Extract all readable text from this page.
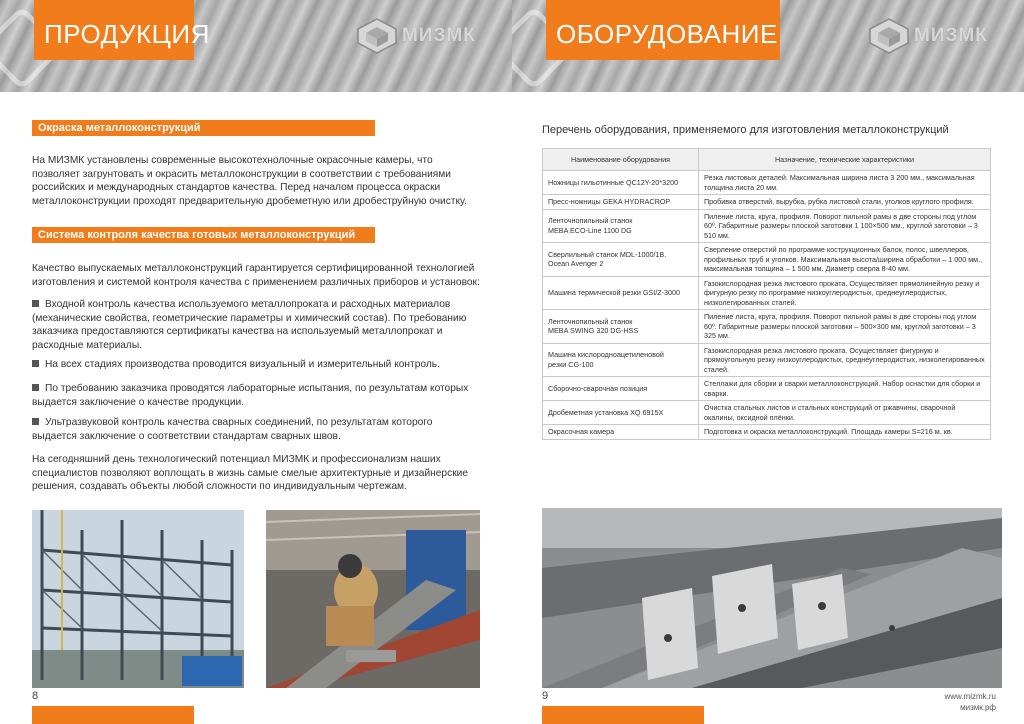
ПРОДУКЦИЯ	МИЗМК
Окраска металлоконструкций
На МИЗМК установлены современные высокотехнолочные окрасочные камеры, что позволяет загрунтовать и окрасить металлоконструкции в соответствии с требованиями российских и международных стандартов качества. Перед началом процесса окраски металлоконструкции проходят предварительную дробеметную или дробеструйную очистку.
Система контроля качества готовых металлоконструкций
Качество выпускаемых металлоконструкций гарантируется сертифицированной технологией изготовления и системой контроля качества с применением различных приборов и установок:
Входной контроль качества используемого металлопроката и расходных материалов (механические свойства, геометрические параметры и химический состав). По требованию заказчика предоставляются сертификаты качества на используемый металлопрокат и расходные материалы.
На всех стадиях производства проводится визуальный и измерительный контроль.
По требованию заказчика проводятся лабораторные испытания, по результатам которых выдается заключение о качестве продукции.
Ультразвуковой контроль качества сварных соединений, по результатам которого выдается заключение о соответствии стандартам сварных швов.
На сегодняшний день технологический потенциал МИЗМК и профессионализм наших специалистов позволяют воплощать в жизнь самые смелые архитектурные и дизайнерские решения, создавать объекты любой сложности по индивидуальным чертежам.
8
ОБОРУДОВАНИЕ	МИЗМК
Перечень оборудования, применяемого для изготовления металлоконструкций
Наименование оборудования	Назначение, технические характеристики
Ножницы гильотинные QC12Y-20*3200	Резка листовых деталей. Максимальная ширина листа 3 200 мм., максимальная толщина листа 20 мм.
Пресс-ножницы GEKA HYDRACROP	Пробивка отверстий, вырубка, рубка листовой стали, уголков круглого профиля.
Ленточнопильный станок
MEBA ECO-Line 1100 DG	Пиление листа, круга, профиля. Поворот пильной рамы в две стороны под углом 60º. Габаритные размеры плоской заготовки 1 100×500 мм., круглой заготовки – 3 510 мм.
Сверлильный станок MDL-1000/1B.
Ocean Avenger 2	Сверление отверстий по программе кострукционных балок, полос, швеллеров, профильных труб и уголков. Максимальная высота/ширина обработки – 1 000 мм., максимальная толщина – 1 500 мм. Диаметр сверла 8-40 мм.
Машина термической резки GSI/Z-3000	Газокислородная резка листового проката. Осуществляет прямолинейную резку и фигурную резку по программе низкоуглеродистых, среднеуглеродистых, низколегированных сталей.
Ленточнопильный станок
MEBA SWING 320 DG-HSS	Пиление листа, круга, профиля. Поворот пильной рамы в две стороны под углом 60º. Габаритные размеры плоской заготовки – 500×300 мм, круглой заготовки – 3 325 мм.
Машина кислороднoацетиленовой
резки CG-100	Газокислородная резка листового проката. Осуществляет фигурную и прямоугольную резку низкоуглеродистых, среднеуглеродистых, низколегированных сталей.
Сборочно-сварочная позиция	Стеллажи для сборки и сварки металлоконструкций. Набор оснастки для сборки и сварки.
Дробеметная установка XQ 6915X	Очистка стальных листов и стальных конструкций от ржавчины, сварочной окалины, оксидной плёнки.
Окрасочная камера	Подготовка и окраска металлоконструкций. Площадь камеры S=216 м. кв.
9	www.mizmk.ru
мизмк.рф
